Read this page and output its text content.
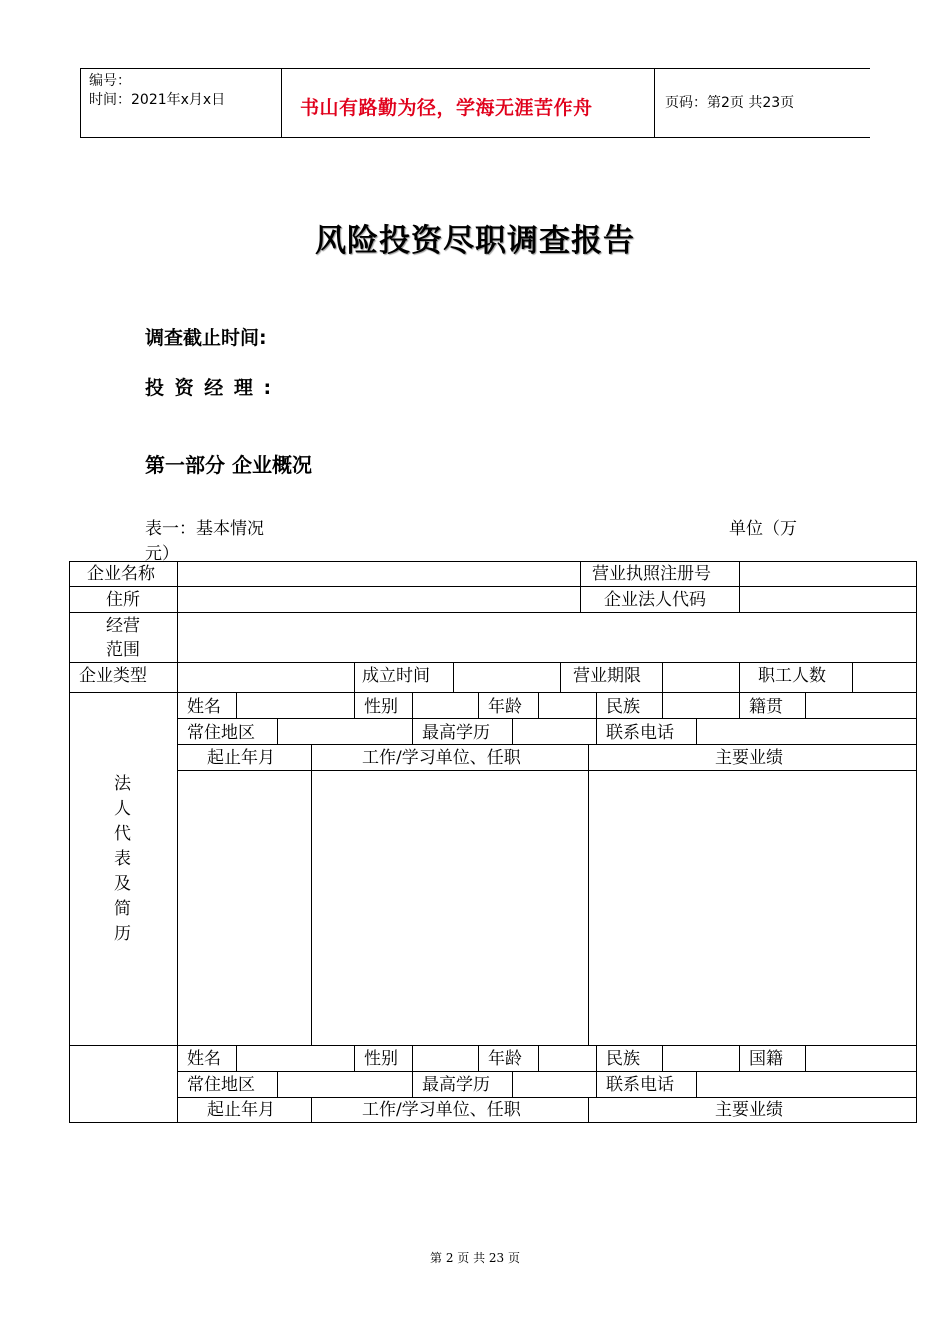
编号：
时间：2021年x月x日	书山有路勤为径，学海无涯苦作舟	页码：第2页 共23页
风险投资尽职调查报告
调查截止时间:
投 资 经 理 :
第一部分 企业概况
表一：基本情况	单位（万
元）
企业名称	营业执照注册号
住所	企业法人代码
经营
范围
企业类型	成立时间	营业期限	职工人数
姓名	性别	年龄	民族	籍贯
常住地区	最高学历	联系电话
起止年月	工作/学习单位、任职	主要业绩
法
人
代
表
及
简
历
姓名	性别	年龄	民族	国籍
常住地区	最高学历	联系电话
起止年月	工作/学习单位、任职	主要业绩
第 2 页 共 23 页
